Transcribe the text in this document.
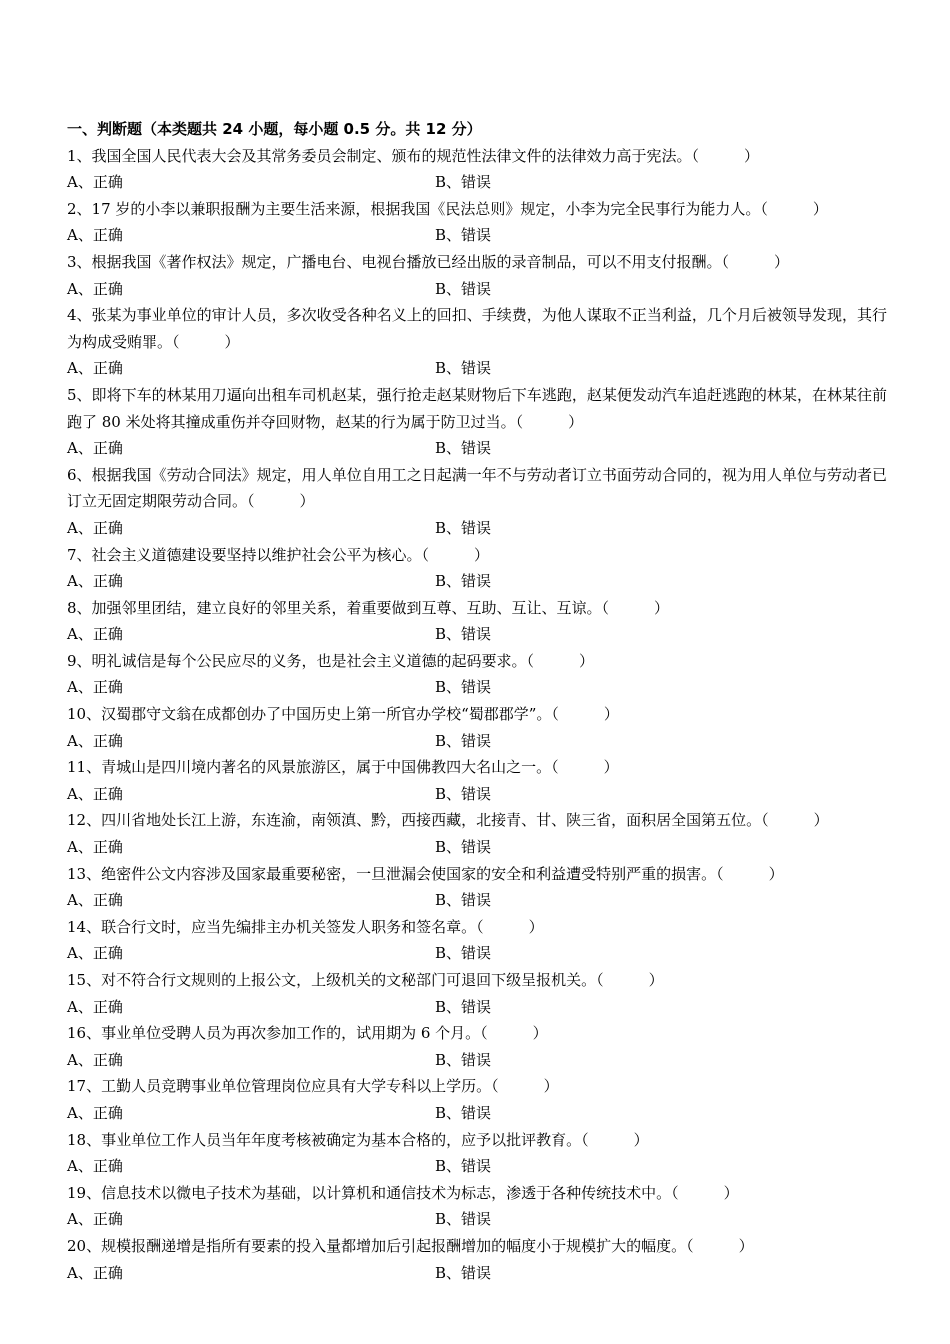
一、判断题（本类题共 24 小题，每小题 0.5 分。共 12 分）
1、我国全国人民代表大会及其常务委员会制定、颁布的规范性法律文件的法律效力高于宪法。（　　　）
A、正确	B、错误
2、17 岁的小李以兼职报酬为主要生活来源，根据我国《民法总则》规定，小李为完全民事行为能力人。（　　　）
A、正确	B、错误
3、根据我国《著作权法》规定，广播电台、电视台播放已经出版的录音制品，可以不用支付报酬。（　　　）
A、正确	B、错误
4、张某为事业单位的审计人员，多次收受各种名义上的回扣、手续费，为他人谋取不正当利益，几个月后被领导发现，其行为构成受贿罪。（　　　）
A、正确	B、错误
5、即将下车的林某用刀逼向出租车司机赵某，强行抢走赵某财物后下车逃跑，赵某便发动汽车追赶逃跑的林某，在林某往前跑了 80 米处将其撞成重伤并夺回财物，赵某的行为属于防卫过当。（　　　）
A、正确	B、错误
6、根据我国《劳动合同法》规定，用人单位自用工之日起满一年不与劳动者订立书面劳动合同的，视为用人单位与劳动者已订立无固定期限劳动合同。（　　　）
A、正确	B、错误
7、社会主义道德建设要坚持以维护社会公平为核心。（　　　）
A、正确	B、错误
8、加强邻里团结，建立良好的邻里关系，着重要做到互尊、互助、互让、互谅。（　　　）
A、正确	B、错误
9、明礼诚信是每个公民应尽的义务，也是社会主义道德的起码要求。（　　　）
A、正确	B、错误
10、汉蜀郡守文翁在成都创办了中国历史上第一所官办学校“蜀郡郡学”。（　　　）
A、正确	B、错误
11、青城山是四川境内著名的风景旅游区，属于中国佛教四大名山之一。（　　　）
A、正确	B、错误
12、四川省地处长江上游，东连渝，南领滇、黔，西接西藏，北接青、甘、陕三省，面积居全国第五位。（　　　）
A、正确	B、错误
13、绝密件公文内容涉及国家最重要秘密，一旦泄漏会使国家的安全和利益遭受特别严重的损害。（　　　）
A、正确	B、错误
14、联合行文时，应当先编排主办机关签发人职务和签名章。（　　　）
A、正确	B、错误
15、对不符合行文规则的上报公文，上级机关的文秘部门可退回下级呈报机关。（　　　）
A、正确	B、错误
16、事业单位受聘人员为再次参加工作的，试用期为 6 个月。（　　　）
A、正确	B、错误
17、工勤人员竞聘事业单位管理岗位应具有大学专科以上学历。（　　　）
A、正确	B、错误
18、事业单位工作人员当年年度考核被确定为基本合格的，应予以批评教育。（　　　）
A、正确	B、错误
19、信息技术以微电子技术为基础，以计算机和通信技术为标志，渗透于各种传统技术中。（　　　）
A、正确	B、错误
20、规模报酬递增是指所有要素的投入量都增加后引起报酬增加的幅度小于规模扩大的幅度。（　　　）
A、正确	B、错误
